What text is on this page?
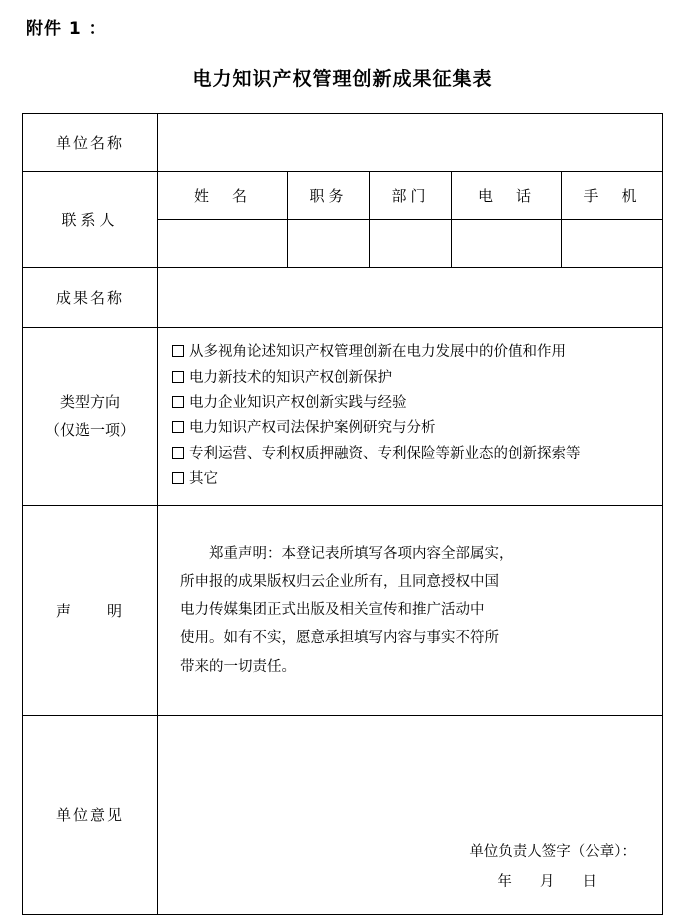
附件 1 ：
电力知识产权管理创新成果征集表
单位名称					
联系人	姓　名	职务	部门	电　话	手　机

成果名称					

类型方向
（仅选一项）

从多视角论述知识产权管理创新在电力发展中的价值和作用
电力新技术的知识产权创新保护
电力企业知识产权创新实践与经验
电力知识产权司法保护案例研究与分析
专利运营、专利权质押融资、专利保险等新业态的创新探索等
其它

声　　明	郑重声明：本登记表所填写各项内容全部属实，
所申报的成果版权归云企业所有，且同意授权中国
电力传媒集团正式出版及相关宣传和推广活动中
使用。如有不实，愿意承担填写内容与事实不符所
带来的一切责任。				

单位意见	单位负责人签字（公章）：
年　 月　 日				
